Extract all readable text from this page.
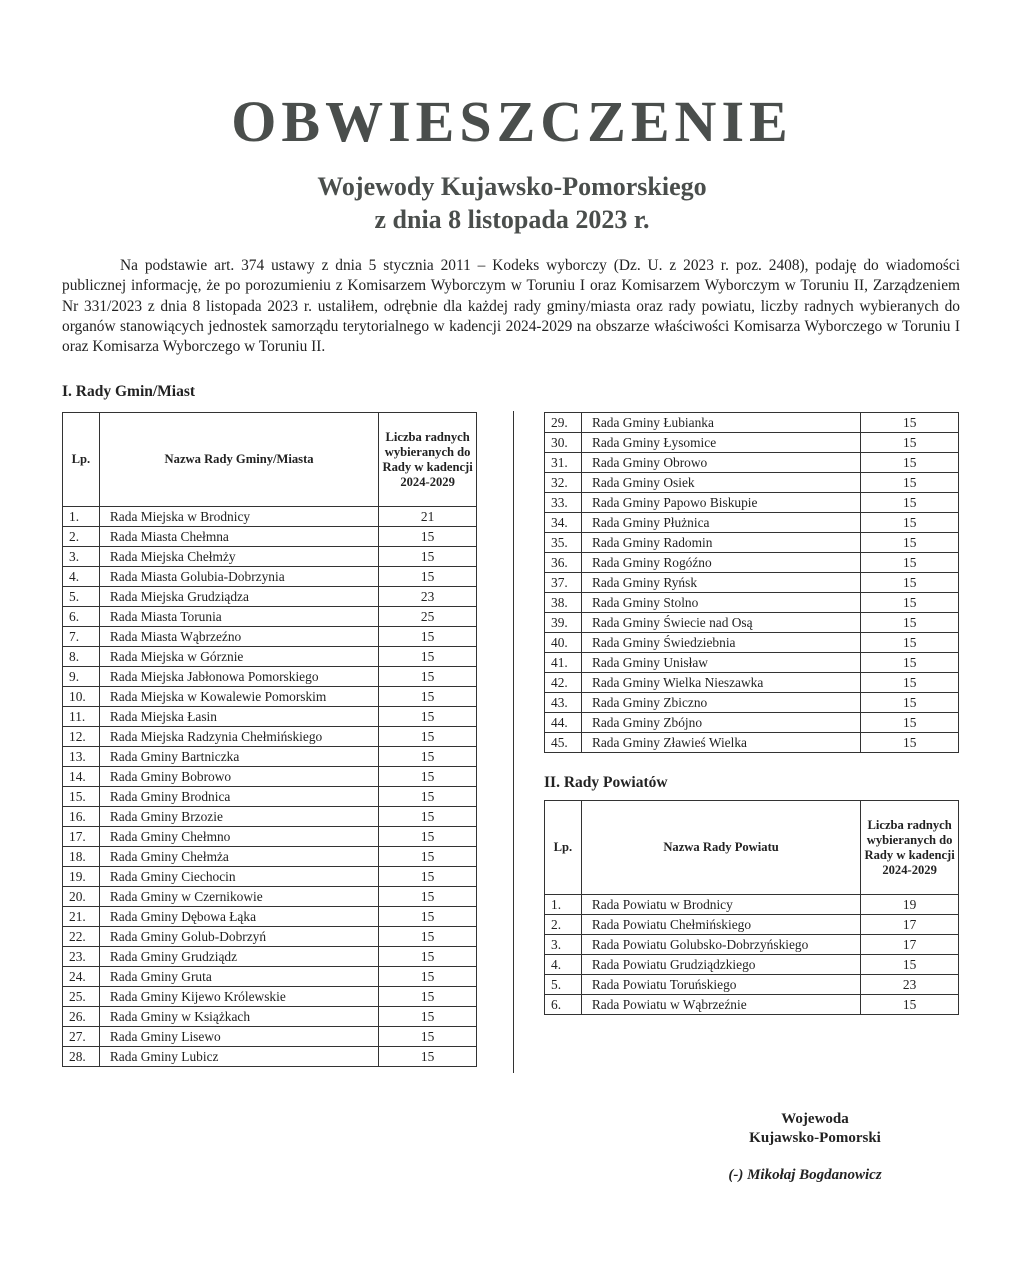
OBWIESZCZENIE
Wojewody Kujawsko-Pomorskiego
z dnia 8 listopada 2023 r.
Na podstawie art. 374 ustawy z dnia 5 stycznia 2011 – Kodeks wyborczy (Dz. U. z 2023 r. poz. 2408), podaję do wiadomości publicznej informację, że po porozumieniu z Komisarzem Wyborczym w Toruniu I oraz Komisarzem Wyborczym w Toruniu II, Zarządzeniem Nr 331/2023 z dnia 8 listopada 2023 r. ustaliłem, odrębnie dla każdej rady gminy/miasta oraz rady powiatu, liczby radnych wybieranych do organów stanowiących jednostek samorządu terytorialnego w kadencji 2024-2029 na obszarze właściwości Komisarza Wyborczego w Toruniu I oraz Komisarza Wyborczego w Toruniu II.
I. Rady Gmin/Miast
Lp.	Nazwa Rady Gminy/Miasta	Liczba radnych wybieranych do Rady w kadencji 2024-2029
1.	Rada Miejska w Brodnicy	21
2.	Rada Miasta Chełmna	15
3.	Rada Miejska Chełmży	15
4.	Rada Miasta Golubia-Dobrzynia	15
5.	Rada Miejska Grudziądza	23
6.	Rada Miasta Torunia	25
7.	Rada Miasta Wąbrzeźno	15
8.	Rada Miejska w Górznie	15
9.	Rada Miejska Jabłonowa Pomorskiego	15
10.	Rada Miejska w Kowalewie Pomorskim	15
11.	Rada Miejska Łasin	15
12.	Rada Miejska Radzynia Chełmińskiego	15
13.	Rada Gminy Bartniczka	15
14.	Rada Gminy Bobrowo	15
15.	Rada Gminy Brodnica	15
16.	Rada Gminy Brzozie	15
17.	Rada Gminy Chełmno	15
18.	Rada Gminy Chełmża	15
19.	Rada Gminy Ciechocin	15
20.	Rada Gminy w Czernikowie	15
21.	Rada Gminy Dębowa Łąka	15
22.	Rada Gminy Golub-Dobrzyń	15
23.	Rada Gminy Grudziądz	15
24.	Rada Gminy Gruta	15
25.	Rada Gminy Kijewo Królewskie	15
26.	Rada Gminy w Książkach	15
27.	Rada Gminy Lisewo	15
28.	Rada Gminy Lubicz	15
29.	Rada Gminy Łubianka	15
30.	Rada Gminy Łysomice	15
31.	Rada Gminy Obrowo	15
32.	Rada Gminy Osiek	15
33.	Rada Gminy Papowo Biskupie	15
34.	Rada Gminy Płużnica	15
35.	Rada Gminy Radomin	15
36.	Rada Gminy Rogóźno	15
37.	Rada Gminy Ryńsk	15
38.	Rada Gminy Stolno	15
39.	Rada Gminy Świecie nad Osą	15
40.	Rada Gminy Świedziebnia	15
41.	Rada Gminy Unisław	15
42.	Rada Gminy Wielka Nieszawka	15
43.	Rada Gminy Zbiczno	15
44.	Rada Gminy Zbójno	15
45.	Rada Gminy Zławieś Wielka	15
II. Rady Powiatów
Lp.	Nazwa Rady Powiatu	Liczba radnych wybieranych do Rady w kadencji 2024-2029
1.	Rada Powiatu w Brodnicy	19
2.	Rada Powiatu Chełmińskiego	17
3.	Rada Powiatu Golubsko-Dobrzyńskiego	17
4.	Rada Powiatu Grudziądzkiego	15
5.	Rada Powiatu Toruńskiego	23
6.	Rada Powiatu w Wąbrzeźnie	15
Wojewoda
Kujawsko-Pomorski
(-) Mikołaj Bogdanowicz
